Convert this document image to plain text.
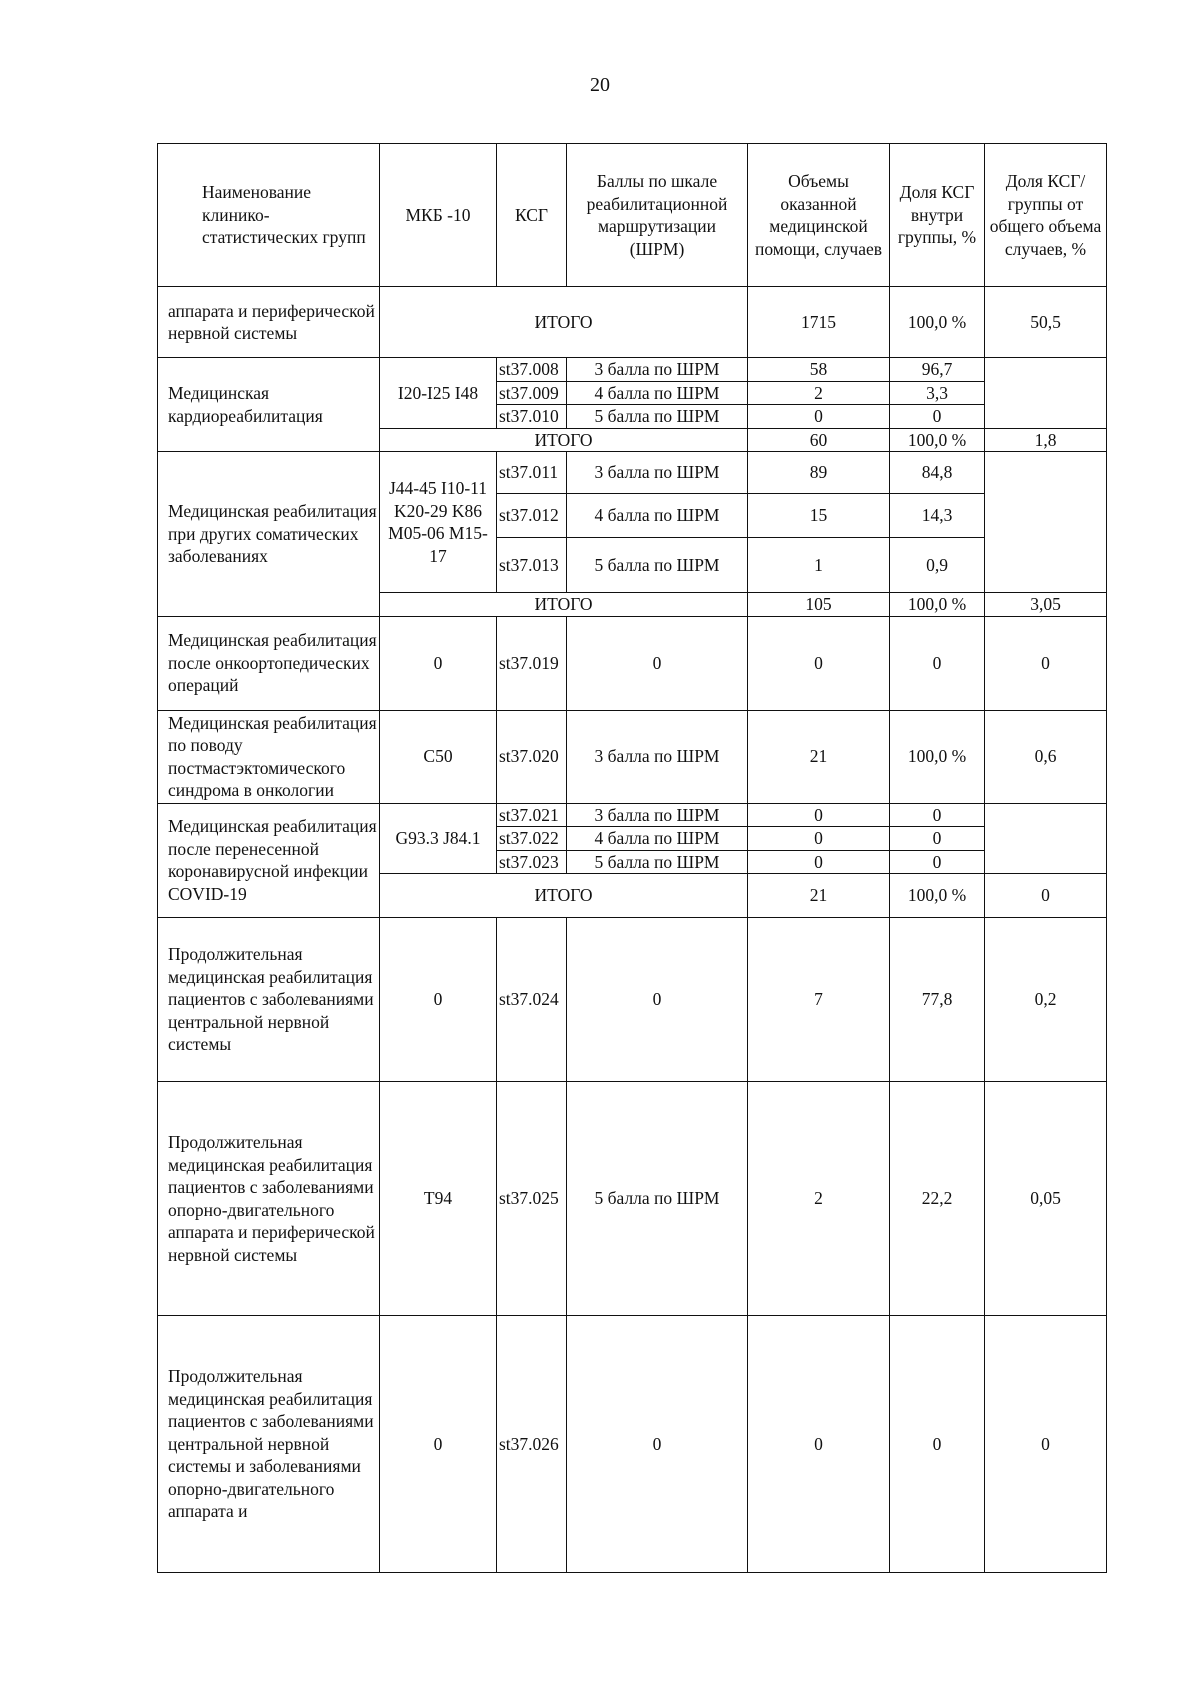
20
Наименование клинико-статистических групп	МКБ -10	КСГ	Баллы по шкале реабилитационной маршрутизации (ШРМ)	Объемы оказанной медицинской помощи, случаев	Доля КСГ внутри группы, %	Доля КСГ/ группы от общего объема случаев, %
аппарата и периферической нервной системы	ИТОГО			1715	100,0 %	50,5
Медицинская кардиореабилитация	I20-I25 I48	st37.008	3 балла по ШРМ	58	96,7	
		st37.009	4 балла по ШРМ	2	3,3	
		st37.010	5 балла по ШРМ	0	0	
	ИТОГО			60	100,0 %	1,8
Медицинская реабилитация при других соматических заболеваниях	J44-45 I10-11 K20-29 K86 M05-06 M15-17	st37.011	3 балла по ШРМ	89	84,8	
		st37.012	4 балла по ШРМ	15	14,3	
		st37.013	5 балла по ШРМ	1	0,9	
	ИТОГО			105	100,0 %	3,05
Медицинская реабилитация после онкоортопедических операций	0	st37.019	0	0	0	0
Медицинская реабилитация по поводу постмастэктомического синдрома в онкологии	C50	st37.020	3 балла по ШРМ	21	100,0 %	0,6
Медицинская реабилитация после перенесенной коронавирусной инфекции COVID-19	G93.3 J84.1	st37.021	3 балла по ШРМ	0	0	
		st37.022	4 балла по ШРМ	0	0	
		st37.023	5 балла по ШРМ	0	0	
	ИТОГО			21	100,0 %	0
Продолжительная медицинская реабилитация пациентов с заболеваниями центральной нервной системы	0	st37.024	0	7	77,8	0,2
Продолжительная медицинская реабилитация пациентов с заболеваниями опорно-двигательного аппарата и периферической нервной системы	T94	st37.025	5 балла по ШРМ	2	22,2	0,05
Продолжительная медицинская реабилитация пациентов с заболеваниями центральной нервной системы и заболеваниями опорно-двигательного аппарата и	0	st37.026	0	0	0	0
